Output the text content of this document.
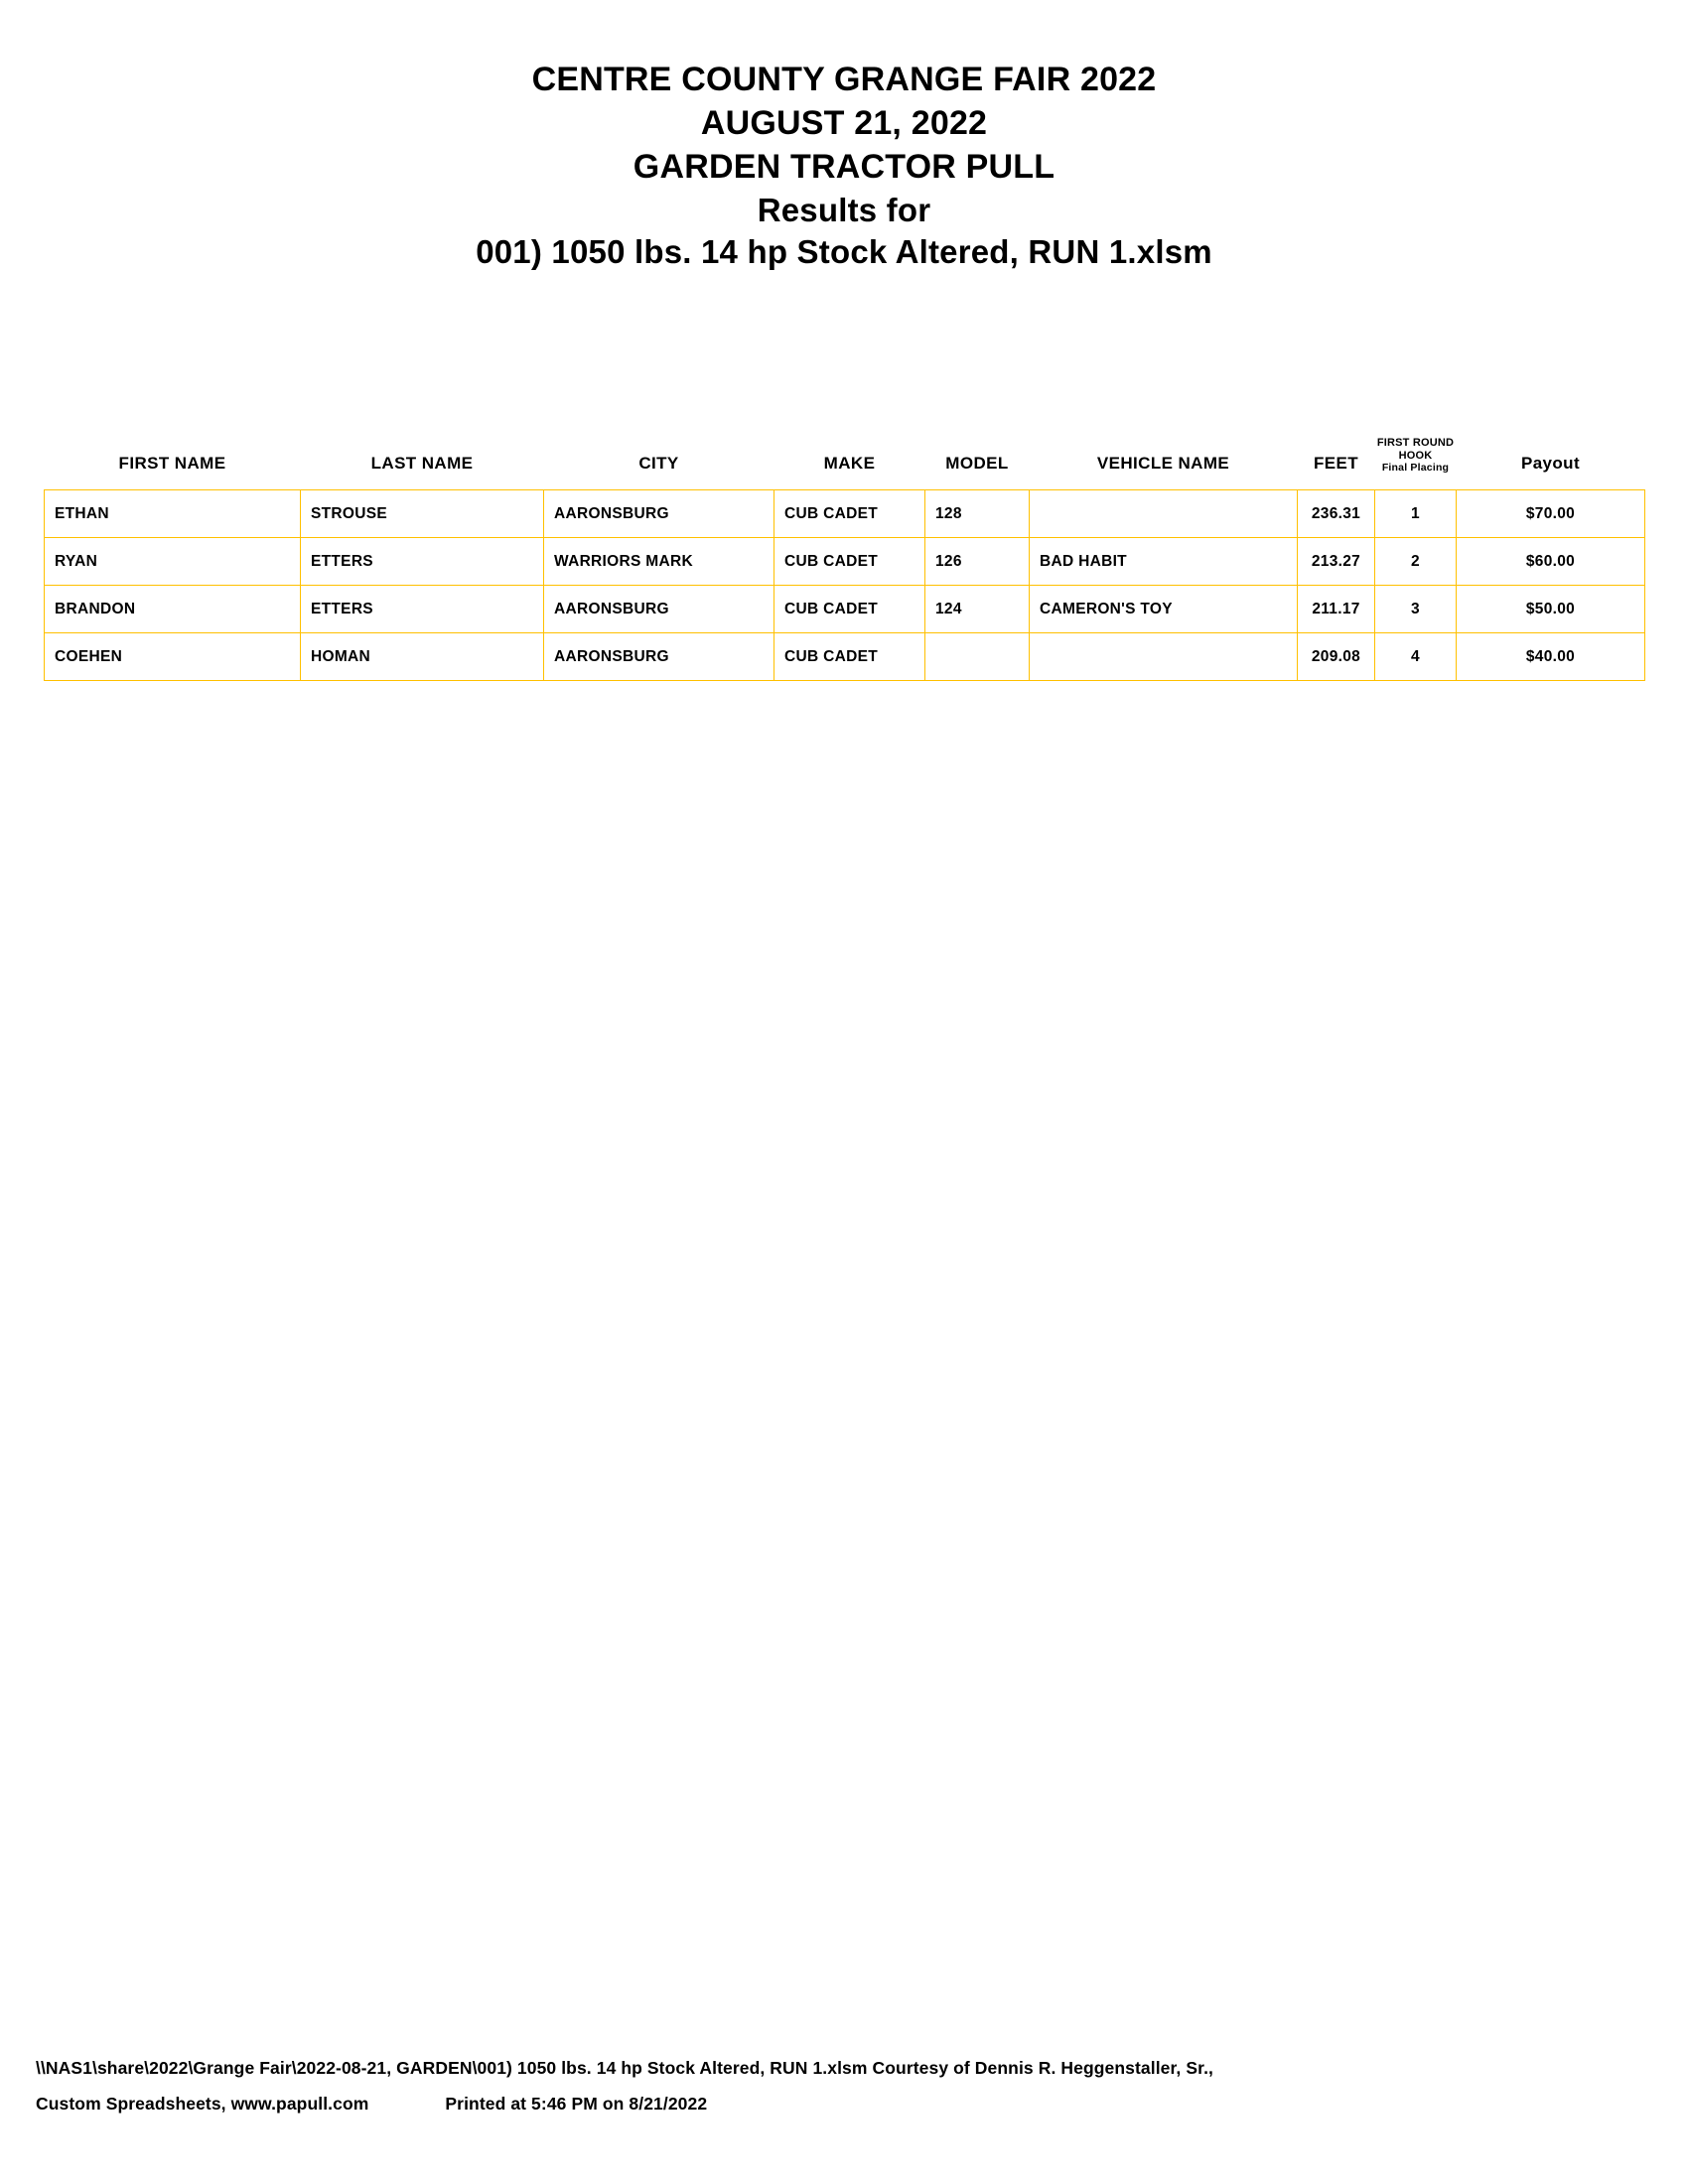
CENTRE COUNTY GRANGE FAIR 2022
AUGUST 21, 2022
GARDEN TRACTOR PULL
Results for
001) 1050 lbs. 14 hp Stock Altered, RUN 1.xlsm
FIRST NAME	LAST NAME	CITY	MAKE	MODEL	VEHICLE NAME	FEET	FIRST ROUND
HOOK
Final Placing	Payout
ETHAN	STROUSE	AARONSBURG	CUB CADET	128		236.31	1	$70.00
RYAN	ETTERS	WARRIORS MARK	CUB CADET	126	BAD HABIT	213.27	2	$60.00
BRANDON	ETTERS	AARONSBURG	CUB CADET	124	CAMERON'S TOY	211.17	3	$50.00
COEHEN	HOMAN	AARONSBURG	CUB CADET			209.08	4	$40.00
\\NAS1\share\2022\Grange Fair\2022-08-21, GARDEN\001) 1050 lbs. 14 hp Stock Altered, RUN 1.xlsm Courtesy of Dennis R. Heggenstaller, Sr.,
Custom Spreadsheets, www.papull.com	Printed at 5:46 PM on 8/21/2022
